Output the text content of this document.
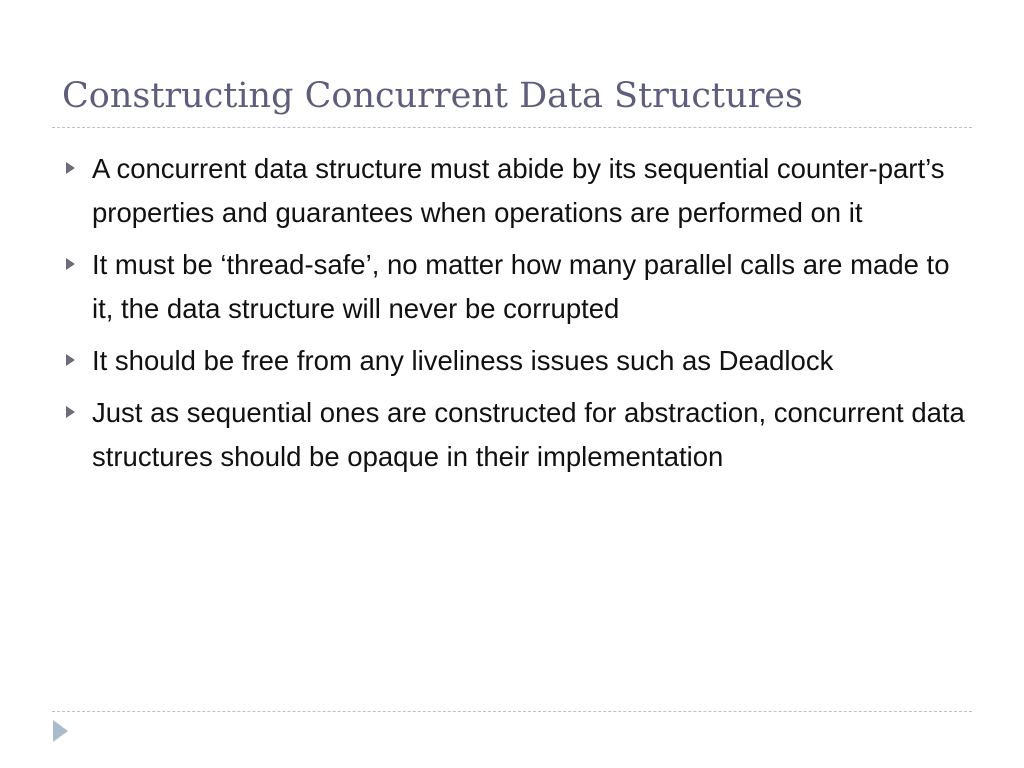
Constructing Concurrent Data Structures
A concurrent data structure must abide by its sequential counter-part’s properties and guarantees when operations are performed on it
It must be ‘thread-safe’, no matter how many parallel calls are made to it, the data structure will never be corrupted
It should be free from any liveliness issues such as Deadlock
Just as sequential ones are constructed for abstraction, concurrent data structures should be opaque in their implementation
